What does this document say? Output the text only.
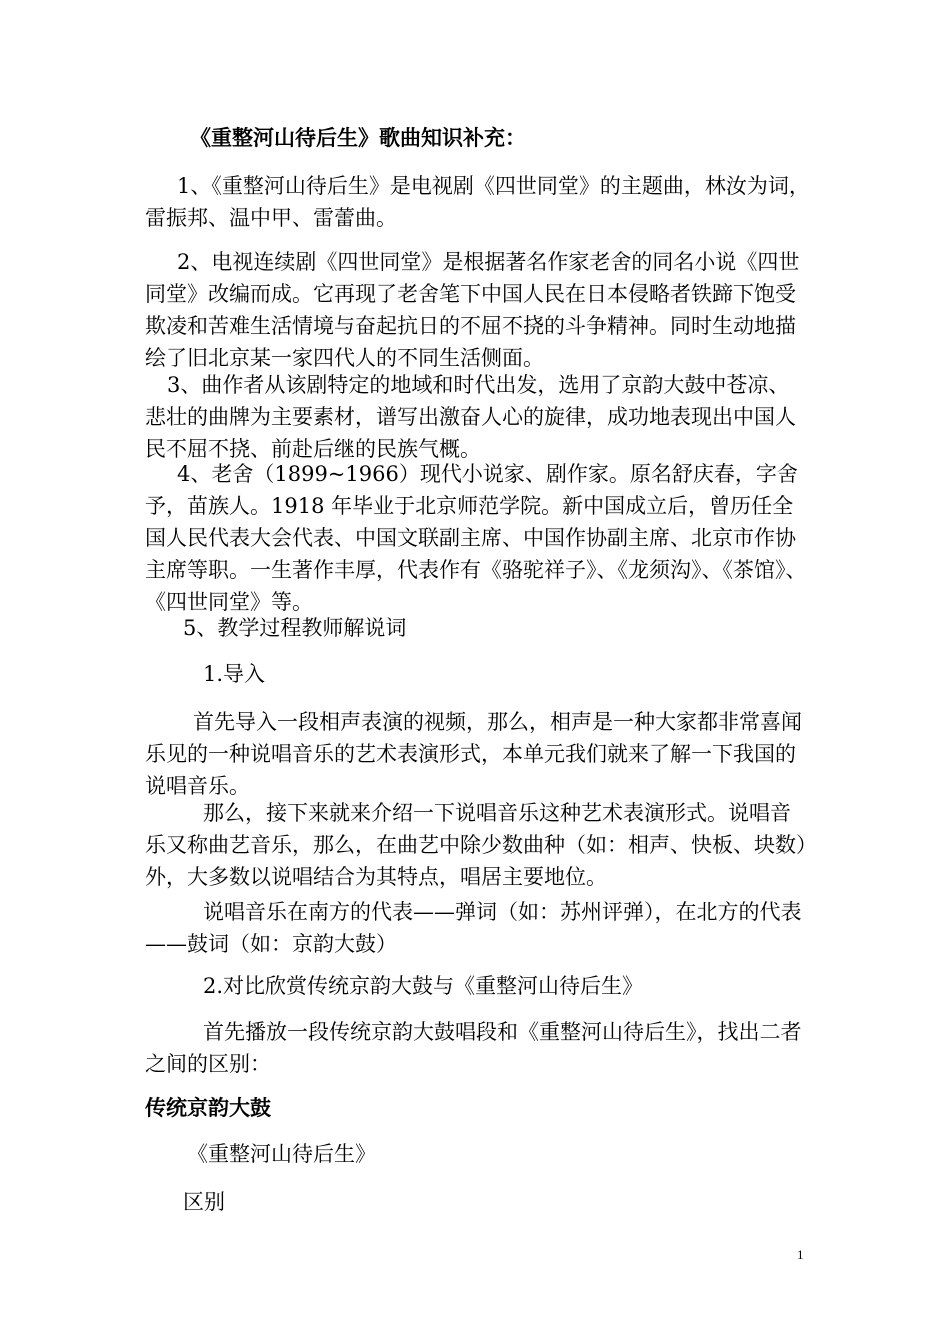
《重整河山待后生》歌曲知识补充：

1、《重整河山待后生》是电视剧《四世同堂》的主题曲，林汝为词，雷振邦、温中甲、雷蕾曲。

2、电视连续剧《四世同堂》是根据著名作家老舍的同名小说《四世同堂》改编而成。它再现了老舍笔下中国人民在日本侵略者铁蹄下饱受欺凌和苦难生活情境与奋起抗日的不屈不挠的斗争精神。同时生动地描绘了旧北京某一家四代人的不同生活侧面。

3、曲作者从该剧特定的地域和时代出发，选用了京韵大鼓中苍凉、悲壮的曲牌为主要素材，谱写出激奋人心的旋律，成功地表现出中国人民不屈不挠、前赴后继的民族气概。

4、老舍（1899~1966）现代小说家、剧作家。原名舒庆春，字舍予，苗族人。1918 年毕业于北京师范学院。新中国成立后，曾历任全国人民代表大会代表、中国文联副主席、中国作协副主席、北京市作协主席等职。一生著作丰厚，代表作有《骆驼祥子》、《龙须沟》、《茶馆》、《四世同堂》等。

5、教学过程教师解说词

1.导入

首先导入一段相声表演的视频，那么，相声是一种大家都非常喜闻乐见的一种说唱音乐的艺术表演形式，本单元我们就来了解一下我国的说唱音乐。

那么，接下来就来介绍一下说唱音乐这种艺术表演形式。说唱音乐又称曲艺音乐，那么，在曲艺中除少数曲种（如：相声、快板、块数）外，大多数以说唱结合为其特点，唱居主要地位。

说唱音乐在南方的代表——弹词（如：苏州评弹），在北方的代表——鼓词（如：京韵大鼓）

2.对比欣赏传统京韵大鼓与《重整河山待后生》

首先播放一段传统京韵大鼓唱段和《重整河山待后生》，找出二者之间的区别：

传统京韵大鼓

《重整河山待后生》

区别

1
